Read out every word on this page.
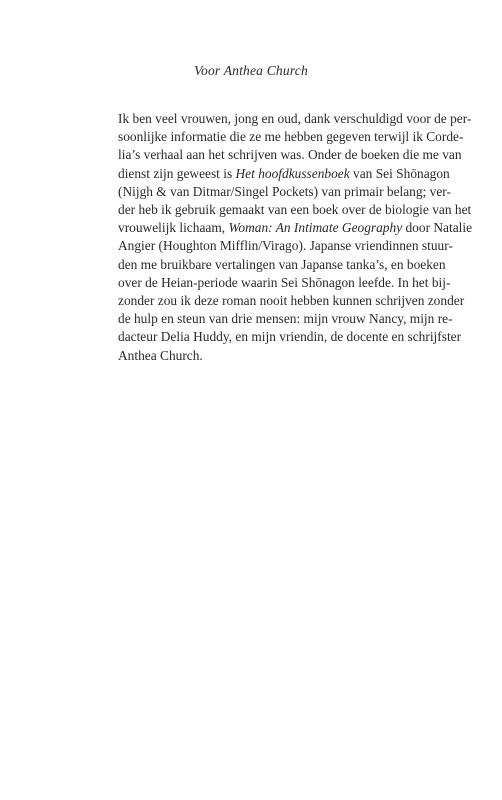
Voor Anthea Church
Ik ben veel vrouwen, jong en oud, dank verschuldigd voor de per-
soonlijke informatie die ze me hebben gegeven terwijl ik Corde-
lia’s verhaal aan het schrijven was. Onder de boeken die me van
dienst zijn geweest is Het hoofdkussenboek van Sei Shōnagon
(Nijgh & van Ditmar/Singel Pockets) van primair belang; ver-
der heb ik gebruik gemaakt van een boek over de biologie van het
vrouwelijk lichaam, Woman: An Intimate Geography door Natalie
Angier (Houghton Mifflin/Virago). Japanse vriendinnen stuur-
den me bruikbare vertalingen van Japanse tanka’s, en boeken
over de Heian-periode waarin Sei Shōnagon leefde. In het bij-
zonder zou ik deze roman nooit hebben kunnen schrijven zonder
de hulp en steun van drie mensen: mijn vrouw Nancy, mijn re-
dacteur Delia Huddy, en mijn vriendin, de docente en schrijfster
Anthea Church.
